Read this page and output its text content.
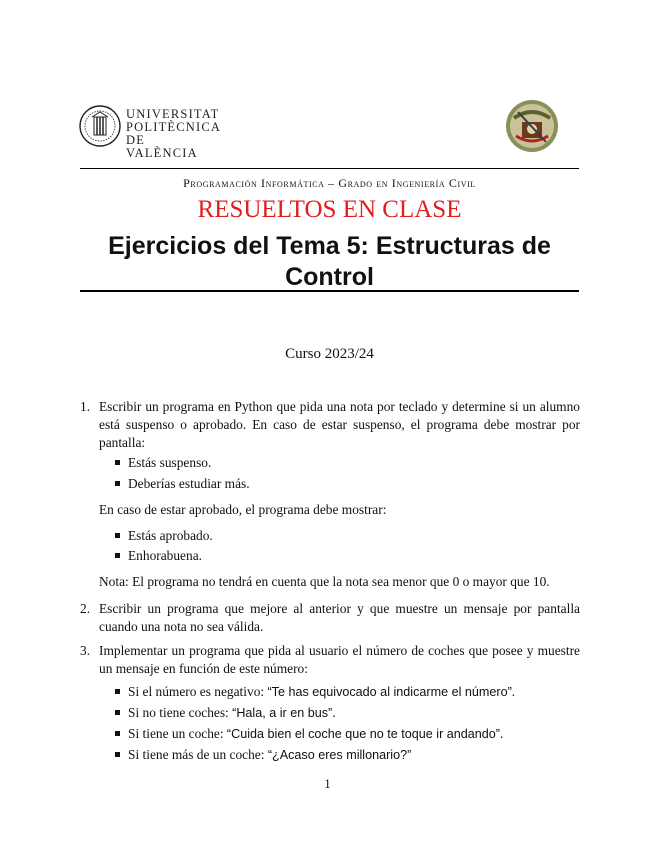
UNIVERSITAT
POLITÈCNICA
DE VALÈNCIA
Programación Informática – Grado en Ingeniería Civil
RESUELTOS EN CLASE
Ejercicios del Tema 5: Estructuras de
Control
Curso 2023/24
1. Escribir un programa en Python que pida una nota por teclado y determine si un alumno
está suspenso o aprobado. En caso de estar suspenso, el programa debe mostrar por
pantalla:
Estás suspenso.
Deberías estudiar más.
En caso de estar aprobado, el programa debe mostrar:
Estás aprobado.
Enhorabuena.
Nota: El programa no tendrá en cuenta que la nota sea menor que 0 o mayor que 10.
2. Escribir un programa que mejore al anterior y que muestre un mensaje por pantalla
cuando una nota no sea válida.
3. Implementar un programa que pida al usuario el número de coches que posee y muestre
un mensaje en función de este número:
Si el número es negativo: “Te has equivocado al indicarme el número”.
Si no tiene coches: “Hala, a ir en bus”.
Si tiene un coche: “Cuida bien el coche que no te toque ir andando”.
Si tiene más de un coche: “¿Acaso eres millonario?”
1
